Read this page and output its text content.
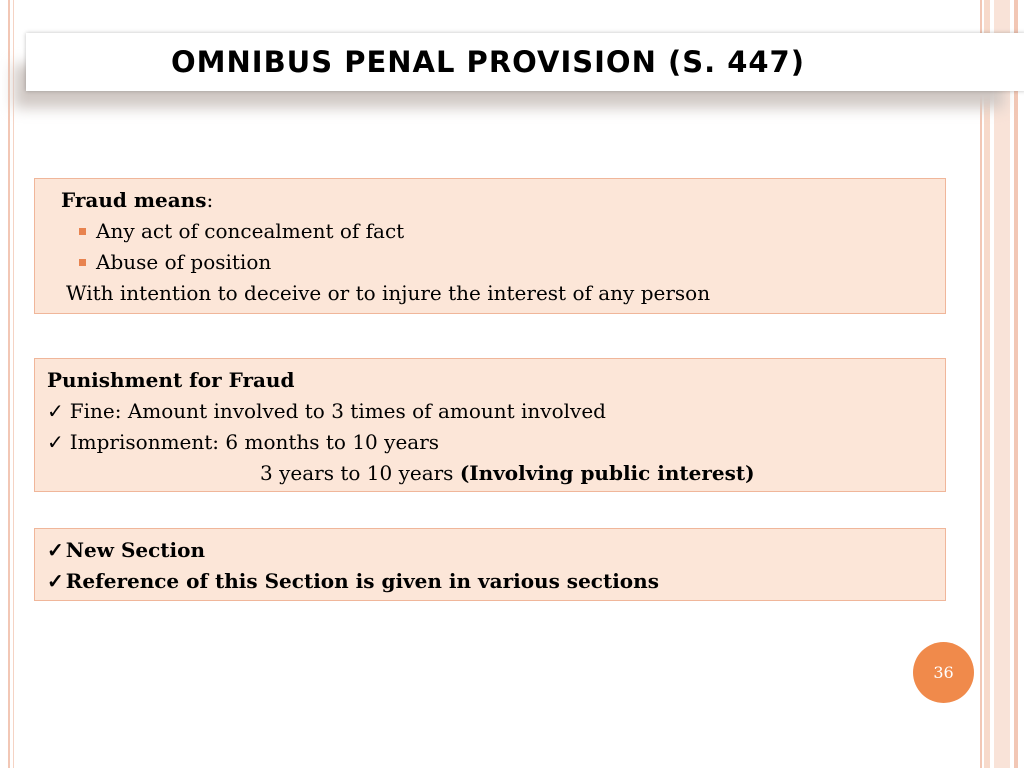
OMNIBUS PENAL PROVISION (S. 447)
Fraud means:
Any act of concealment of fact
Abuse of position
With intention to deceive or to injure the interest of any person
Punishment for Fraud
✓ Fine: Amount involved to 3 times of amount involved
✓ Imprisonment: 6 months to 10 years
3 years to 10 years (Involving public interest)
✓ New Section
✓ Reference of this Section is given in various sections
36
